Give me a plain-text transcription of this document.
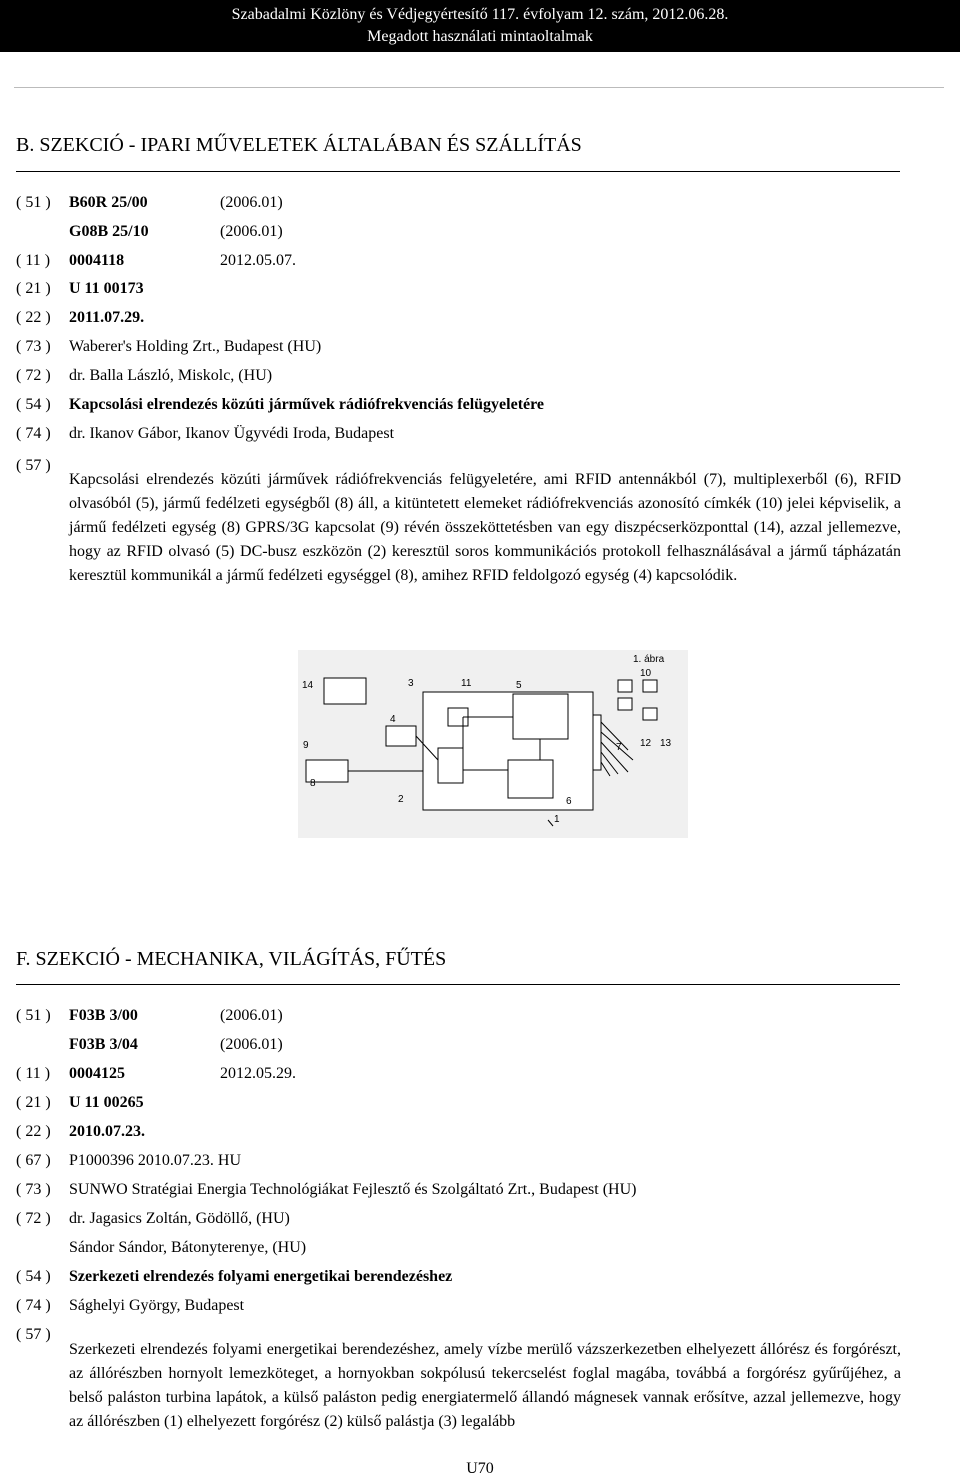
Szabadalmi Közlöny és Védjegyértesítő 117. évfolyam 12. szám, 2012.06.28.
Megadott használati mintaoltalmak
B. SZEKCIÓ - IPARI MŰVELETEK ÁLTALÁBAN ÉS SZÁLLÍTÁS
( 51 )	B60R 25/00	(2006.01)
G08B 25/10	(2006.01)
( 11 )	0004118	2012.05.07.
( 21 )	U 11 00173
( 22 )	2011.07.29.
( 73 )	Waberer's Holding Zrt., Budapest (HU)
( 72 )	dr. Balla László, Miskolc, (HU)
( 54 )	Kapcsolási elrendezés közúti járművek rádiófrekvenciás felügyeletére
( 74 )	dr. Ikanov Gábor, Ikanov Ügyvédi Iroda, Budapest
( 57 )
Kapcsolási elrendezés közúti járművek rádiófrekvenciás felügyeletére, ami RFID antennákból (7), multiplexerből (6), RFID olvasóból (5), jármű fedélzeti egységből (8) áll, a kitüntetett elemeket rádiófrekvenciás azonosító címkék (10) jelei képviselik, a jármű fedélzeti egység (8) GPRS/3G kapcsolat (9) révén összeköttetésben van egy diszpécserközponttal (14), azzal jellemezve, hogy az RFID olvasó (5) DC-busz eszközön (2) keresztül soros kommunikációs protokoll felhasználásával a jármű tápházatán keresztül kommunikál a jármű fedélzeti egységgel (8), amihez RFID feldolgozó egység (4) kapcsolódik.
1. ábra
14	3	11	5
10
4
9	7 12 13
8
2	6
1
F. SZEKCIÓ - MECHANIKA, VILÁGÍTÁS, FŰTÉS
( 51 )	F03B 3/00	(2006.01)
F03B 3/04	(2006.01)
( 11 )	0004125	2012.05.29.
( 21 )	U 11 00265
( 22 )	2010.07.23.
( 67 )	P1000396 2010.07.23. HU
( 73 )	SUNWO Stratégiai Energia Technológiákat Fejlesztő és Szolgáltató Zrt., Budapest (HU)
( 72 )	dr. Jagasics Zoltán, Gödöllő, (HU)
Sándor Sándor, Bátonyterenye, (HU)
( 54 )	Szerkezeti elrendezés folyami energetikai berendezéshez
( 74 )	Sághelyi György, Budapest
( 57 )
Szerkezeti elrendezés folyami energetikai berendezéshez, amely vízbe merülő vázszerkezetben elhelyezett állórész és forgórészt, az állórészben hornyolt lemezköteget, a hornyokban sokpólusú tekercselést foglal magába, továbbá a forgórész gyűrűjéhez, a belső paláston turbina lapátok, a külső paláston pedig energiatermelő állandó mágnesek vannak erősítve, azzal jellemezve, hogy az állórészben (1) elhelyezett forgórész (2) külső palástja (3) legalább
U70
